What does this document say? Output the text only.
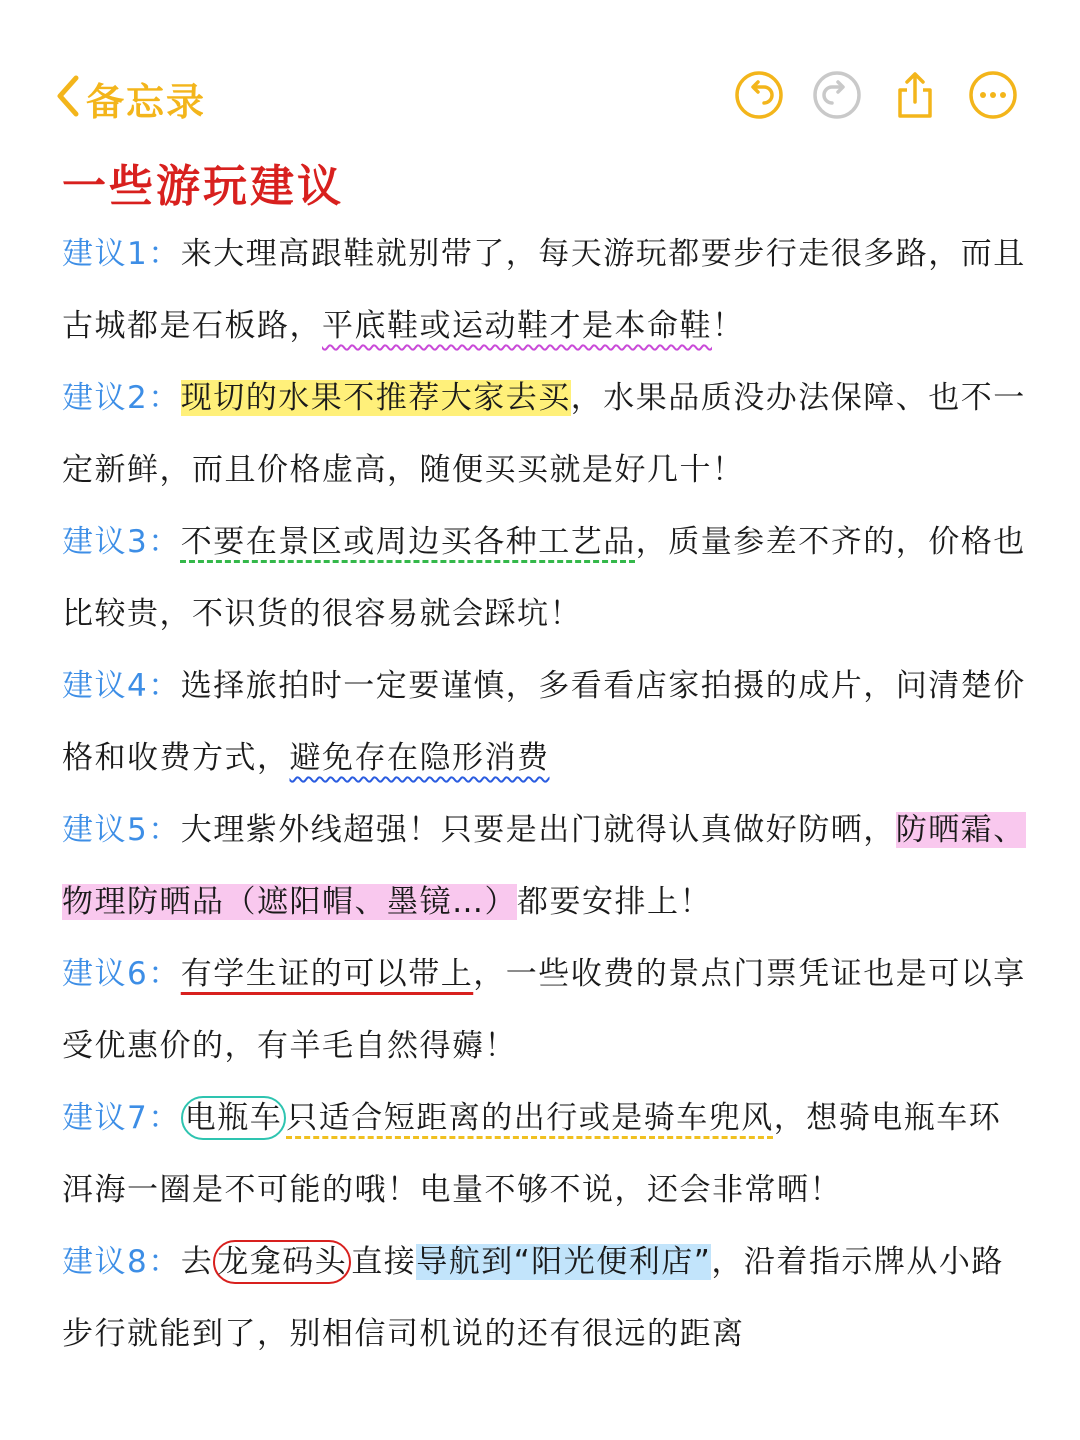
备忘录
一些游玩建议

建议1：来大理高跟鞋就别带了，每天游玩都要步行走很多路，而且古城都是石板路，平底鞋或运动鞋才是本命鞋！

建议2：现切的水果不推荐大家去买，水果品质没办法保障、也不一定新鲜，而且价格虚高，随便买买就是好几十！

建议3：不要在景区或周边买各种工艺品，质量参差不齐的，价格也比较贵，不识货的很容易就会踩坑！

建议4：选择旅拍时一定要谨慎，多看看店家拍摄的成片，问清楚价格和收费方式，避免存在隐形消费

建议5：大理紫外线超强！只要是出门就得认真做好防晒，防晒霜、物理防晒品（遮阳帽、墨镜…）都要安排上！

建议6：有学生证的可以带上，一些收费的景点门票凭证也是可以享受优惠价的，有羊毛自然得薅！

建议7： 电瓶车 只适合短距离的出行或是骑车兜风，想骑电瓶车环洱海一圈是不可能的哦！电量不够不说，还会非常晒！

建议8：去 龙龛码头 直接导航到“阳光便利店”，沿着指示牌从小路步行就能到了，别相信司机说的还有很远的距离
